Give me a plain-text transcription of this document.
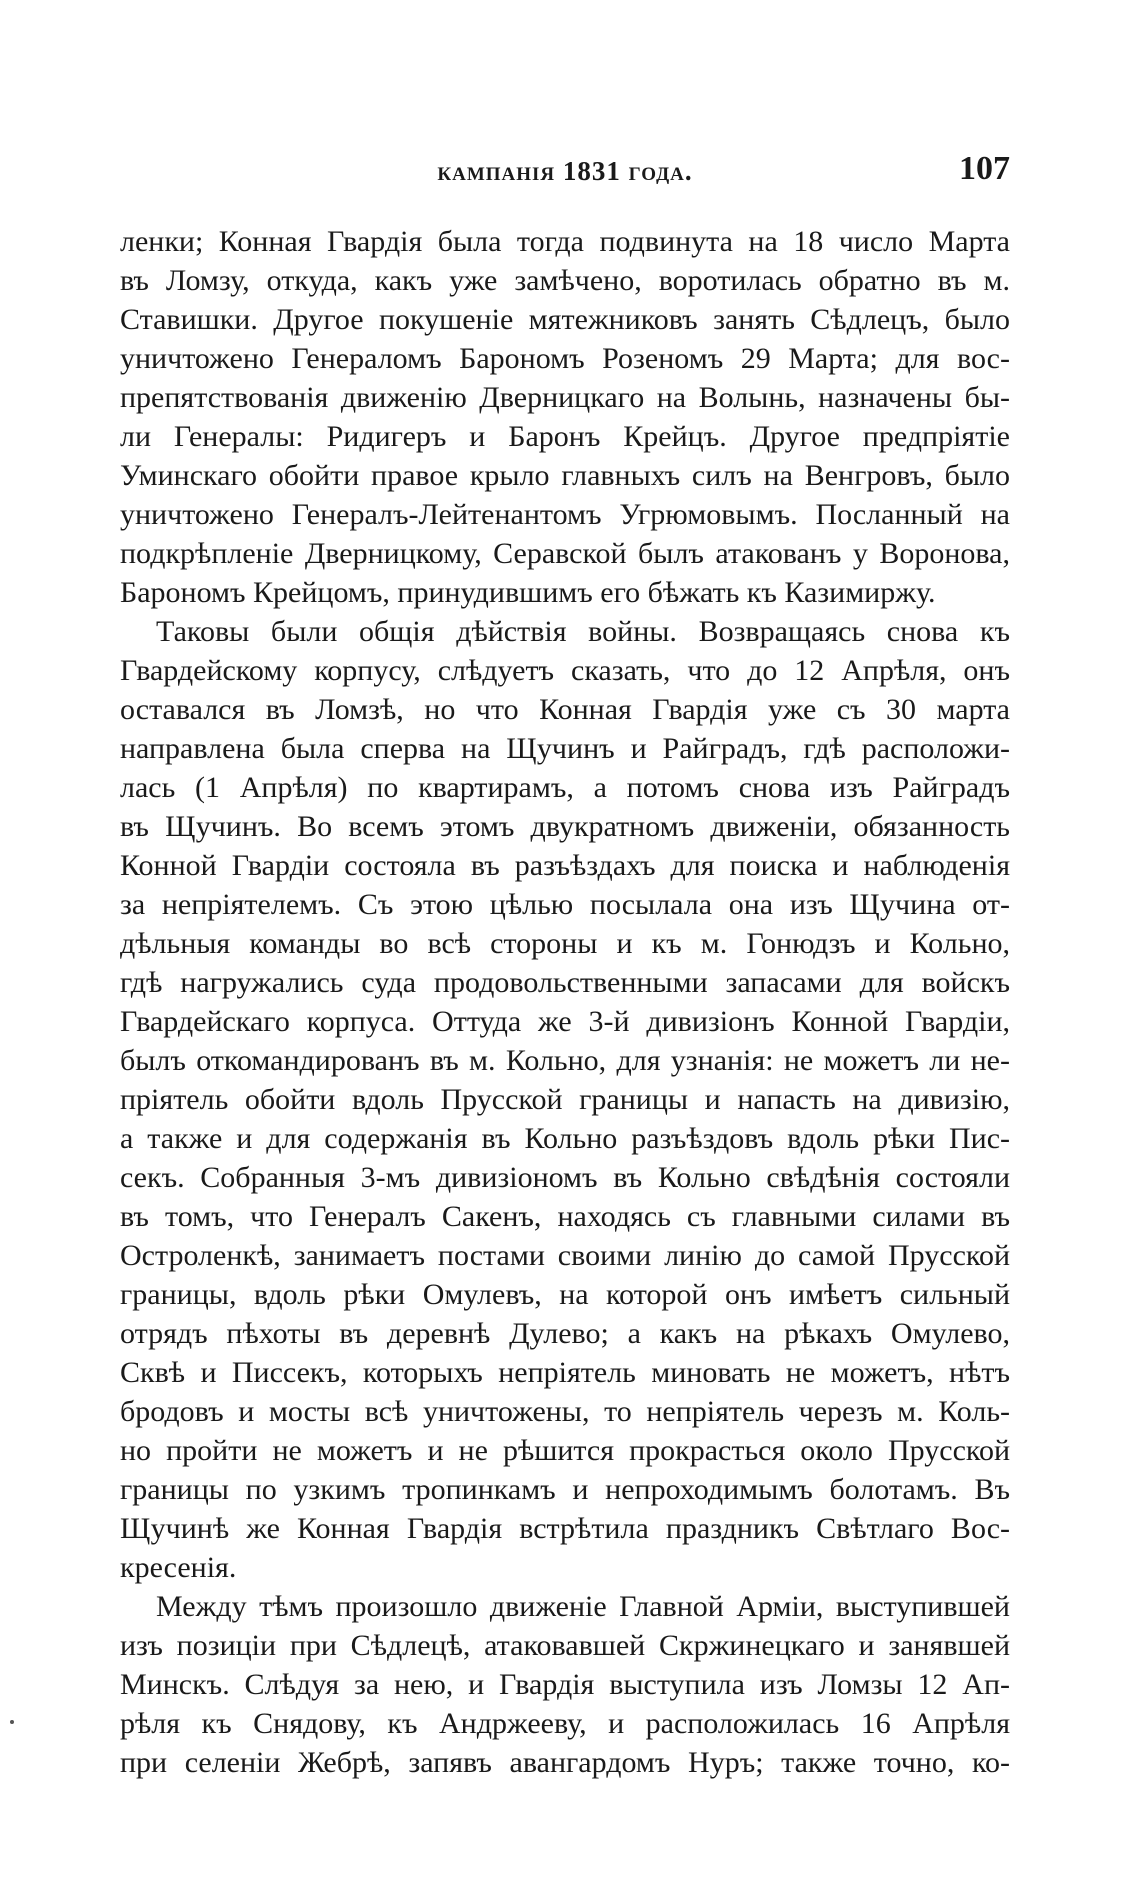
кампанія 1831 года.	107
ленки; Конная Гвардія была тогда подвинута на 18 число Марта
въ Ломзу, откуда, какъ уже замѣчено, воротилась обратно въ м.
Ставишки. Другое покушеніе мятежниковъ занять Сѣдлецъ, было
уничтожено Генераломъ Барономъ Розеномъ 29 Марта; для вос-
препятствованія движенію Дверницкаго на Волынь, назначены бы-
ли Генералы: Ридигеръ и Баронъ Крейцъ. Другое предпріятіе
Уминскаго обойти правое крыло главныхъ силъ на Венгровъ, было
уничтожено Генералъ-Лейтенантомъ Угрюмовымъ. Посланный на
подкрѣпленіе Дверницкому, Серавской былъ атакованъ у Воронова,
Барономъ Крейцомъ, принудившимъ его бѣжать къ Казимиржу.
Таковы были общія дѣйствія войны. Возвращаясь снова къ
Гвардейскому корпусу, слѣдуетъ сказать, что до 12 Апрѣля, онъ
оставался въ Ломзѣ, но что Конная Гвардія уже съ 30 марта
направлена была сперва на Щучинъ и Райградъ, гдѣ расположи-
лась (1 Апрѣля) по квартирамъ, а потомъ снова изъ Райградъ
въ Щучинъ. Во всемъ этомъ двукратномъ движеніи, обязанность
Конной Гвардіи состояла въ разъѣздахъ для поиска и наблюденія
за непріятелемъ. Съ этою цѣлью посылала она изъ Щучина от-
дѣльныя команды во всѣ стороны и къ м. Гонюдзъ и Кольно,
гдѣ нагружались суда продовольственными запасами для войскъ
Гвардейскаго корпуса. Оттуда же 3-й дивизіонъ Конной Гвардіи,
былъ откомандированъ въ м. Кольно, для узнанія: не можетъ ли не-
пріятель обойти вдоль Прусской границы и напасть на дивизію,
а также и для содержанія въ Кольно разъѣздовъ вдоль рѣки Пис-
секъ. Собранныя 3-мъ дивизіономъ въ Кольно свѣдѣнія состояли
въ томъ, что Генералъ Сакенъ, находясь съ главными силами въ
Остроленкѣ, занимаетъ постами своими линію до самой Прусской
границы, вдоль рѣки Омулевъ, на которой онъ имѣетъ сильный
отрядъ пѣхоты въ деревнѣ Дулево; а какъ на рѣкахъ Омулево,
Сквѣ и Писсекъ, которыхъ непріятель миновать не можетъ, нѣтъ
бродовъ и мосты всѣ уничтожены, то непріятель черезъ м. Коль-
но пройти не можетъ и не рѣшится прокрасться около Прусской
границы по узкимъ тропинкамъ и непроходимымъ болотамъ. Въ
Щучинѣ же Конная Гвардія встрѣтила праздникъ Свѣтлаго Вос-
кресенія.
Между тѣмъ произошло движеніе Главной Арміи, выступившей
изъ позиціи при Сѣдлецѣ, атаковавшей Скржинецкаго и занявшей
Минскъ. Слѣдуя за нею, и Гвардія выступила изъ Ломзы 12 Ап-
рѣля къ Снядову, къ Андржееву, и расположилась 16 Апрѣля
при селеніи Жебрѣ, запявъ авангардомъ Нуръ; также точно, ко-
